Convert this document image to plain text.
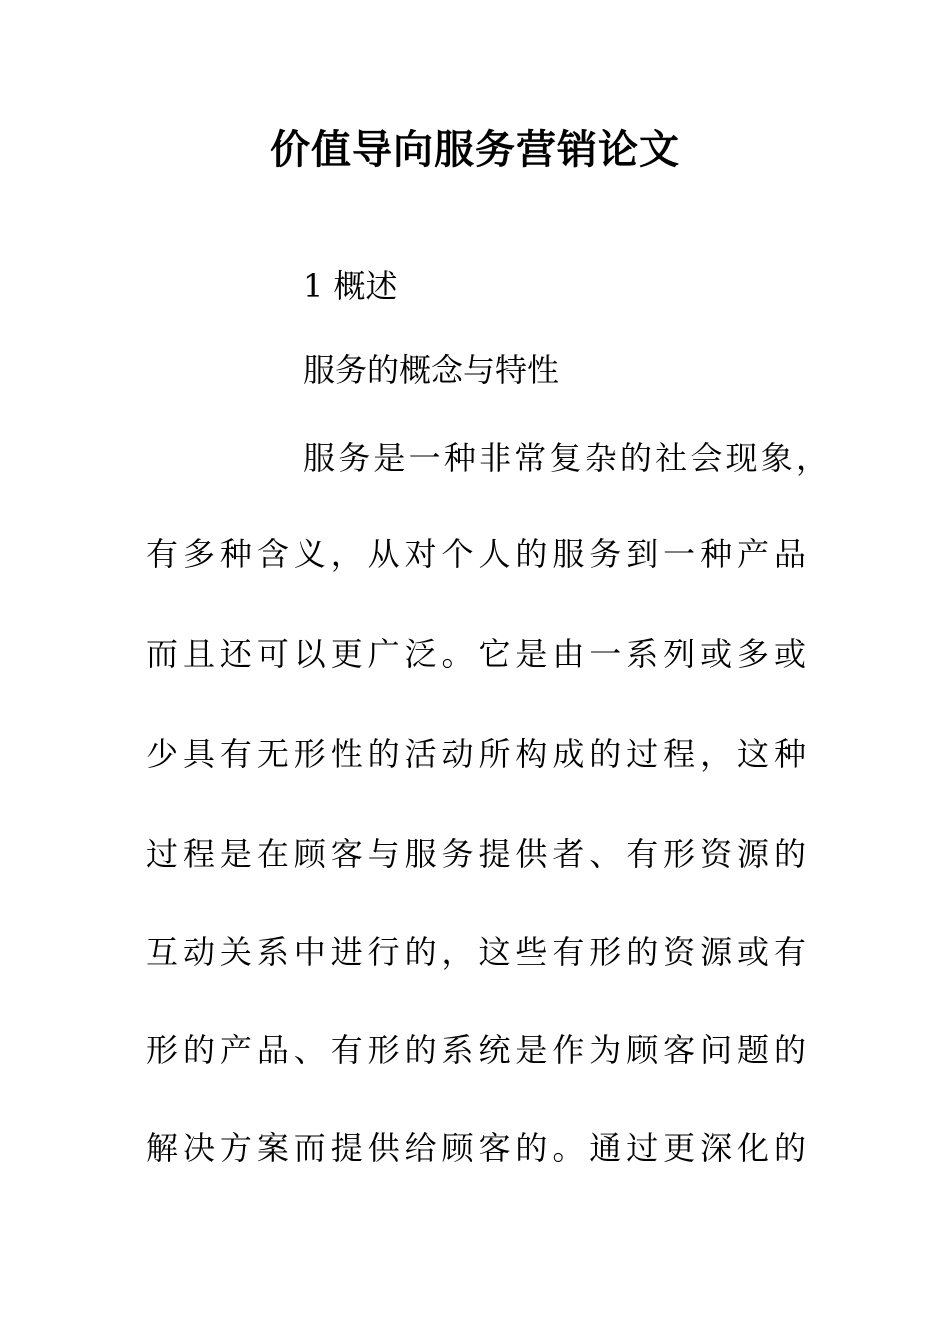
价值导向服务营销论文
1 概述
服务的概念与特性
服务是一种非常复杂的社会现象，
有多种含义，从对个人的服务到一种产品
而且还可以更广泛。它是由一系列或多或
少具有无形性的活动所构成的过程，这种
过程是在顾客与服务提供者、有形资源的
互动关系中进行的，这些有形的资源或有
形的产品、有形的系统是作为顾客问题的
解决方案而提供给顾客的。通过更深化的
